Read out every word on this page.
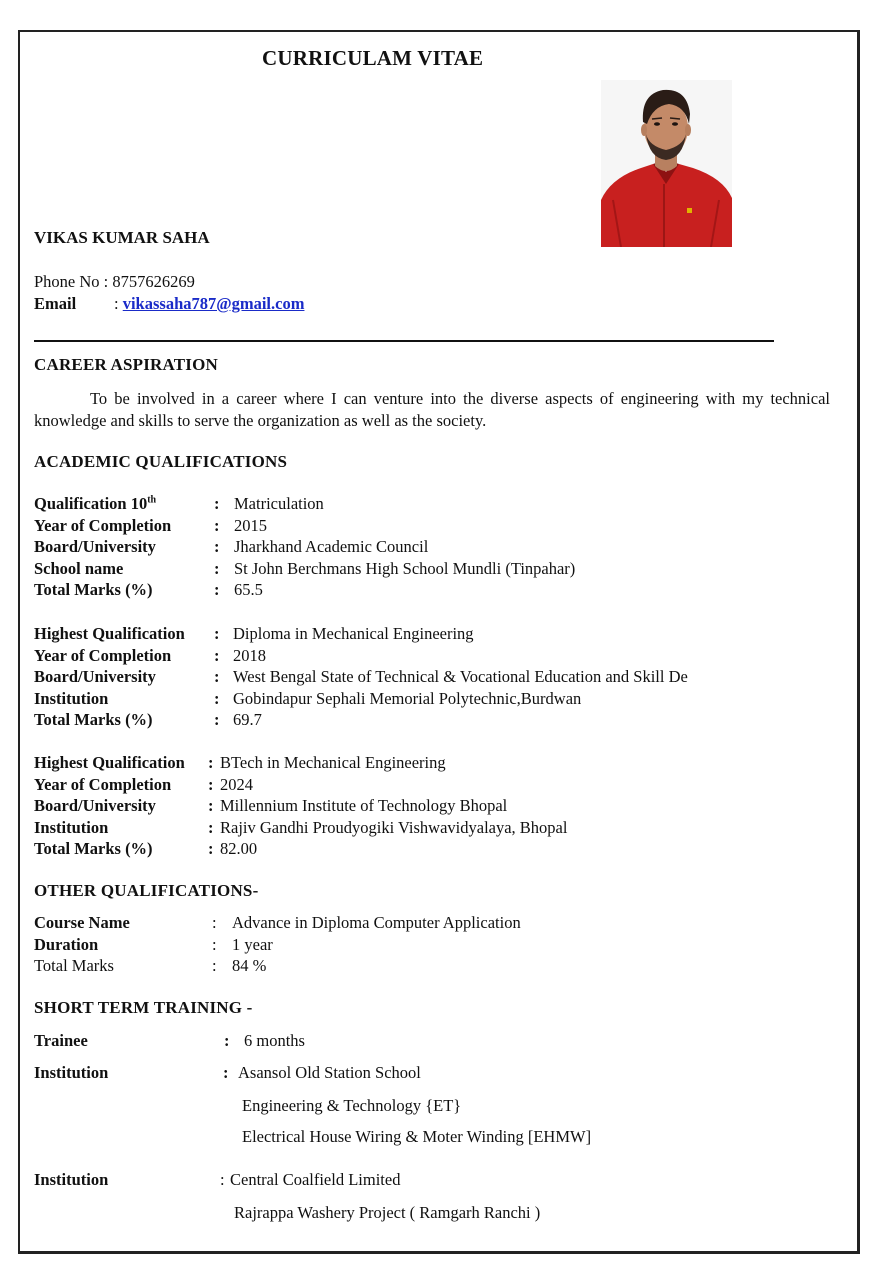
CURRICULAM VITAE
VIKAS KUMAR SAHA
Phone No : 8757626269
Email : vikassaha787@gmail.com
CAREER ASPIRATION
To be involved in a career where I can venture into the diverse aspects of engineering with my technical knowledge and skills to serve the organization as well as the society.
ACADEMIC QUALIFICATIONS
Qualification 10th	: Matriculation
Year of Completion	: 2015
Board/University	: Jharkhand Academic Council
School name	: St John Berchmans High School Mundli (Tinpahar)
Total Marks (%)	: 65.5
Highest Qualification : Diploma in Mechanical Engineering
Year of Completion	: 2018
Board/University	: West Bengal State of Technical & Vocational Education and Skill De
Institution	: Gobindapur Sephali Memorial Polytechnic,Burdwan
Total Marks (%)	: 69.7
Highest Qualification : BTech in Mechanical Engineering
Year of Completion : 2024
Board/University	: Millennium Institute of Technology Bhopal
Institution	: Rajiv Gandhi Proudyogiki Vishwavidyalaya, Bhopal
Total Marks (%)	: 82.00
OTHER QUALIFICATIONS-
Course Name	: Advance in Diploma Computer Application
Duration	: 1 year
Total Marks	: 84 %
SHORT TERM TRAINING -
Trainee	: 6 months
Institution	: Asansol Old Station School
Engineering & Technology {ET}
Electrical House Wiring & Moter Winding [EHMW]
Institution	: Central Coalfield Limited
Rajrappa Washery Project ( Ramgarh Ranchi )
